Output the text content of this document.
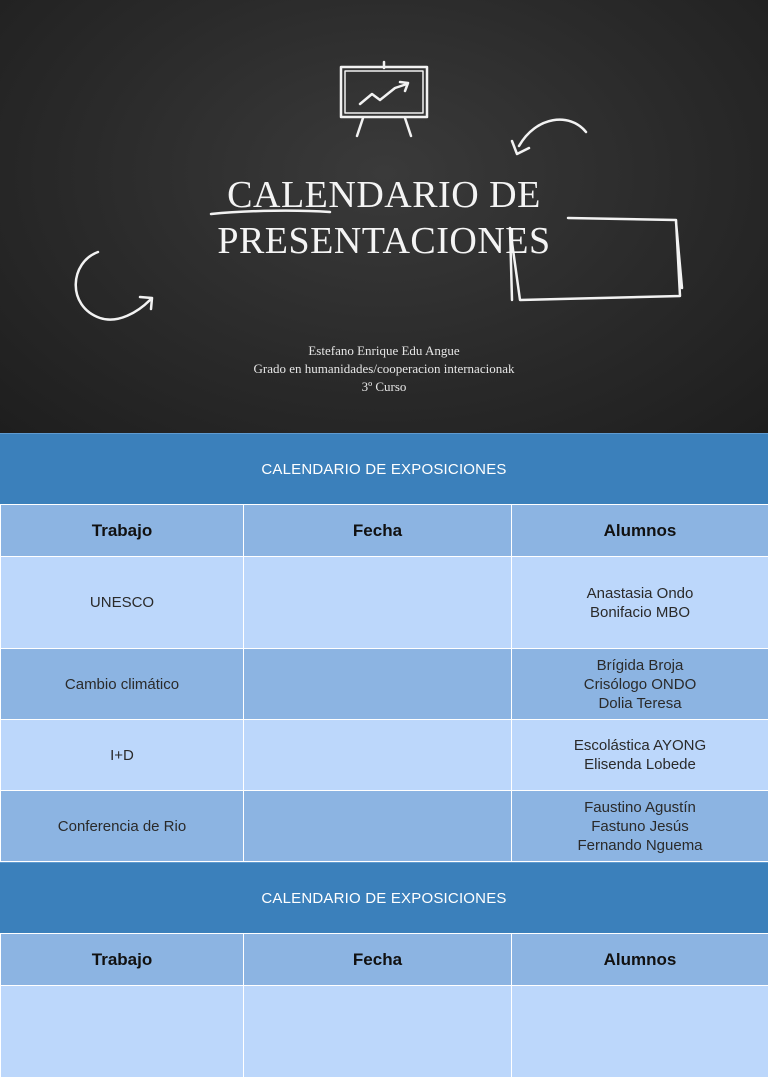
CALENDARIO DE
PRESENTACIONES
Estefano Enrique Edu Angue
Grado en humanidades/cooperacion internacionak
3º Curso
CALENDARIO DE EXPOSICIONES
Trabajo	Fecha	Alumnos
UNESCO		Anastasia Ondo
Bonifacio MBO

Cambio climático		Brígida Broja
Crisólogo ONDO
Dolia Teresa

I+D		Escolástica AYONG
Elisenda Lobede

Conferencia de Rio		Faustino Agustín
Fastuno Jesús
Fernando Nguema
CALENDARIO DE EXPOSICIONES
Trabajo	Fecha	Alumnos
